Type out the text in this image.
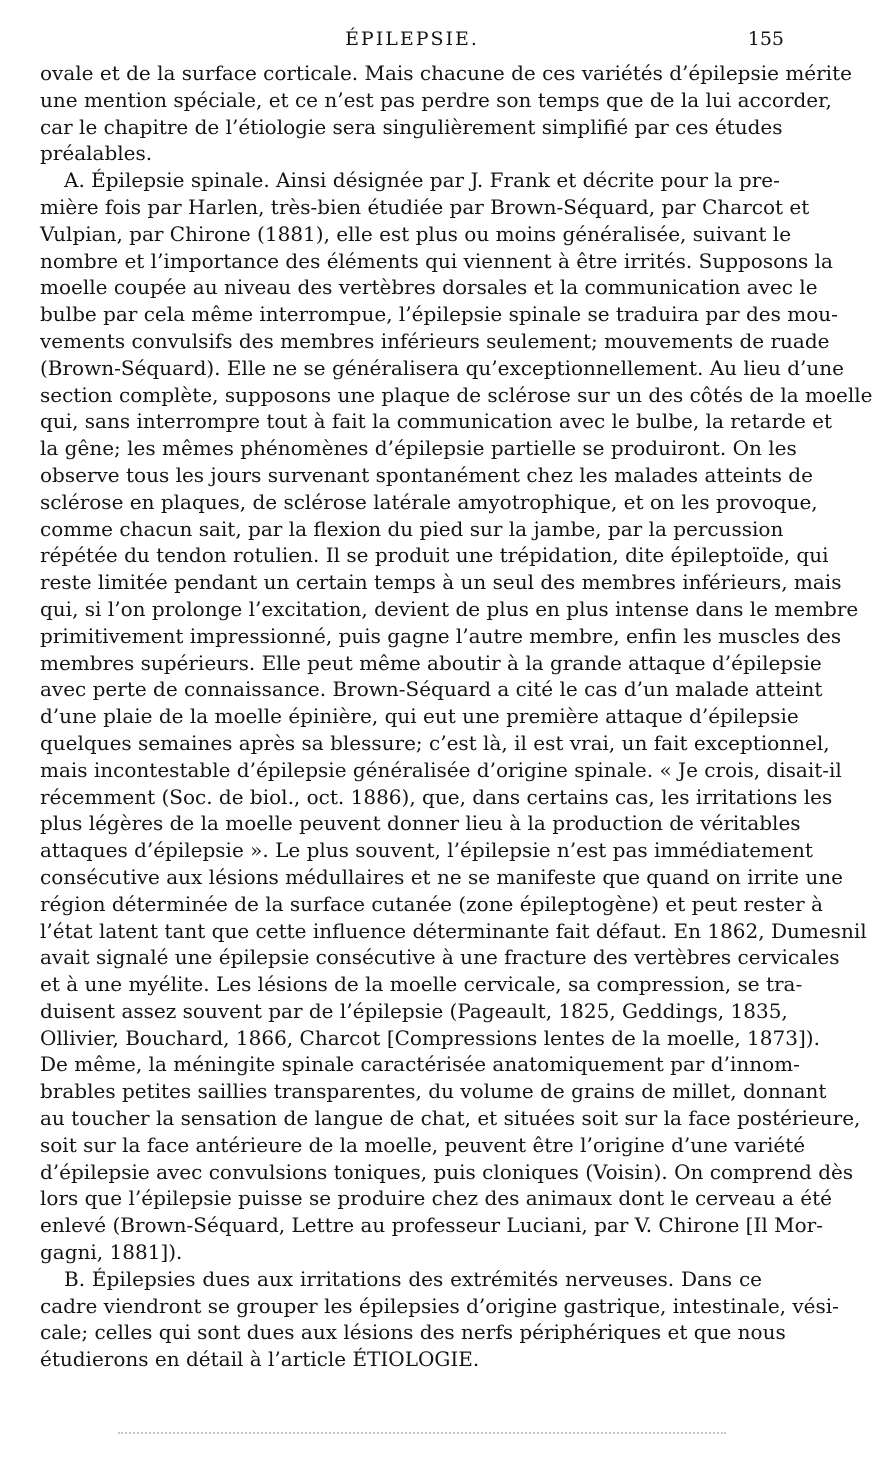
ÉPILEPSIE.	155
ovale et de la surface corticale. Mais chacune de ces variétés d’épilepsie mérite
une mention spéciale, et ce n’est pas perdre son temps que de la lui accorder,
car le chapitre de l’étiologie sera singulièrement simplifié par ces études
préalables.
A. Épilepsie spinale. Ainsi désignée par J. Frank et décrite pour la pre-
mière fois par Harlen, très-bien étudiée par Brown-Séquard, par Charcot et
Vulpian, par Chirone (1881), elle est plus ou moins généralisée, suivant le
nombre et l’importance des éléments qui viennent à être irrités. Supposons la
moelle coupée au niveau des vertèbres dorsales et la communication avec le
bulbe par cela même interrompue, l’épilepsie spinale se traduira par des mou-
vements convulsifs des membres inférieurs seulement; mouvements de ruade
(Brown-Séquard). Elle ne se généralisera qu’exceptionnellement. Au lieu d’une
section complète, supposons une plaque de sclérose sur un des côtés de la moelle
qui, sans interrompre tout à fait la communication avec le bulbe, la retarde et
la gêne; les mêmes phénomènes d’épilepsie partielle se produiront. On les
observe tous les jours survenant spontanément chez les malades atteints de
sclérose en plaques, de sclérose latérale amyotrophique, et on les provoque,
comme chacun sait, par la flexion du pied sur la jambe, par la percussion
répétée du tendon rotulien. Il se produit une trépidation, dite épileptoïde, qui
reste limitée pendant un certain temps à un seul des membres inférieurs, mais
qui, si l’on prolonge l’excitation, devient de plus en plus intense dans le membre
primitivement impressionné, puis gagne l’autre membre, enfin les muscles des
membres supérieurs. Elle peut même aboutir à la grande attaque d’épilepsie
avec perte de connaissance. Brown-Séquard a cité le cas d’un malade atteint
d’une plaie de la moelle épinière, qui eut une première attaque d’épilepsie
quelques semaines après sa blessure; c’est là, il est vrai, un fait exceptionnel,
mais incontestable d’épilepsie généralisée d’origine spinale. « Je crois, disait-il
récemment (Soc. de biol., oct. 1886), que, dans certains cas, les irritations les
plus légères de la moelle peuvent donner lieu à la production de véritables
attaques d’épilepsie ». Le plus souvent, l’épilepsie n’est pas immédiatement
consécutive aux lésions médullaires et ne se manifeste que quand on irrite une
région déterminée de la surface cutanée (zone épileptogène) et peut rester à
l’état latent tant que cette influence déterminante fait défaut. En 1862, Dumesnil
avait signalé une épilepsie consécutive à une fracture des vertèbres cervicales
et à une myélite. Les lésions de la moelle cervicale, sa compression, se tra-
duisent assez souvent par de l’épilepsie (Pageault, 1825, Geddings, 1835,
Ollivier, Bouchard, 1866, Charcot [Compressions lentes de la moelle, 1873]).
De même, la méningite spinale caractérisée anatomiquement par d’innom-
brables petites saillies transparentes, du volume de grains de millet, donnant
au toucher la sensation de langue de chat, et situées soit sur la face postérieure,
soit sur la face antérieure de la moelle, peuvent être l’origine d’une variété
d’épilepsie avec convulsions toniques, puis cloniques (Voisin). On comprend dès
lors que l’épilepsie puisse se produire chez des animaux dont le cerveau a été
enlevé (Brown-Séquard, Lettre au professeur Luciani, par V. Chirone [Il Mor-
gagni, 1881]).
B. Épilepsies dues aux irritations des extrémités nerveuses. Dans ce
cadre viendront se grouper les épilepsies d’origine gastrique, intestinale, vési-
cale; celles qui sont dues aux lésions des nerfs périphériques et que nous
étudierons en détail à l’article ÉTIOLOGIE.
